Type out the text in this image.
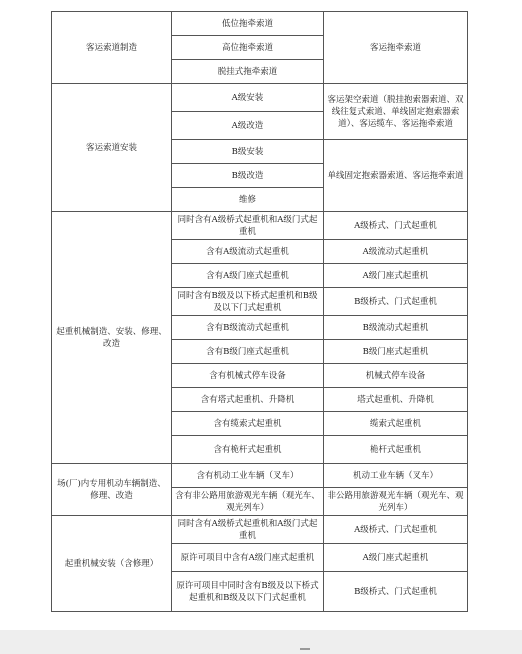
客运索道制造	低位拖牵索道	客运拖牵索道
	高位拖牵索道	
	脱挂式拖牵索道	
客运索道安装	A级安装	客运架空索道（脱挂抱索器索道、双线往复式索道、单线固定抱索器索道）、客运缆车、客运拖牵索道
	A级改造	
	B级安装	单线固定抱索器索道、客运拖牵索道
	B级改造	
	维修	
起重机械制造、安装、修理、改造	同时含有A级桥式起重机和A级门式起重机	A级桥式、门式起重机
	含有A级流动式起重机	A级流动式起重机
	含有A级门座式起重机	A级门座式起重机
	同时含有B级及以下桥式起重机和B级及以下门式起重机	B级桥式、门式起重机
	含有B级流动式起重机	B级流动式起重机
	含有B级门座式起重机	B级门座式起重机
	含有机械式停车设备	机械式停车设备
	含有塔式起重机、升降机	塔式起重机、升降机
	含有缆索式起重机	缆索式起重机
	含有桅杆式起重机	桅杆式起重机
场(厂)内专用机动车辆制造、修理、改造	含有机动工业车辆（叉车）	机动工业车辆（叉车）
	含有非公路用旅游观光车辆（观光车、观光列车）	非公路用旅游观光车辆（观光车、观光列车）
起重机械安装（含修理）	同时含有A级桥式起重机和A级门式起重机	A级桥式、门式起重机
	原许可项目中含有A级门座式起重机	A级门座式起重机
	原许可项目中同时含有B级及以下桥式起重机和B级及以下门式起重机	B级桥式、门式起重机
